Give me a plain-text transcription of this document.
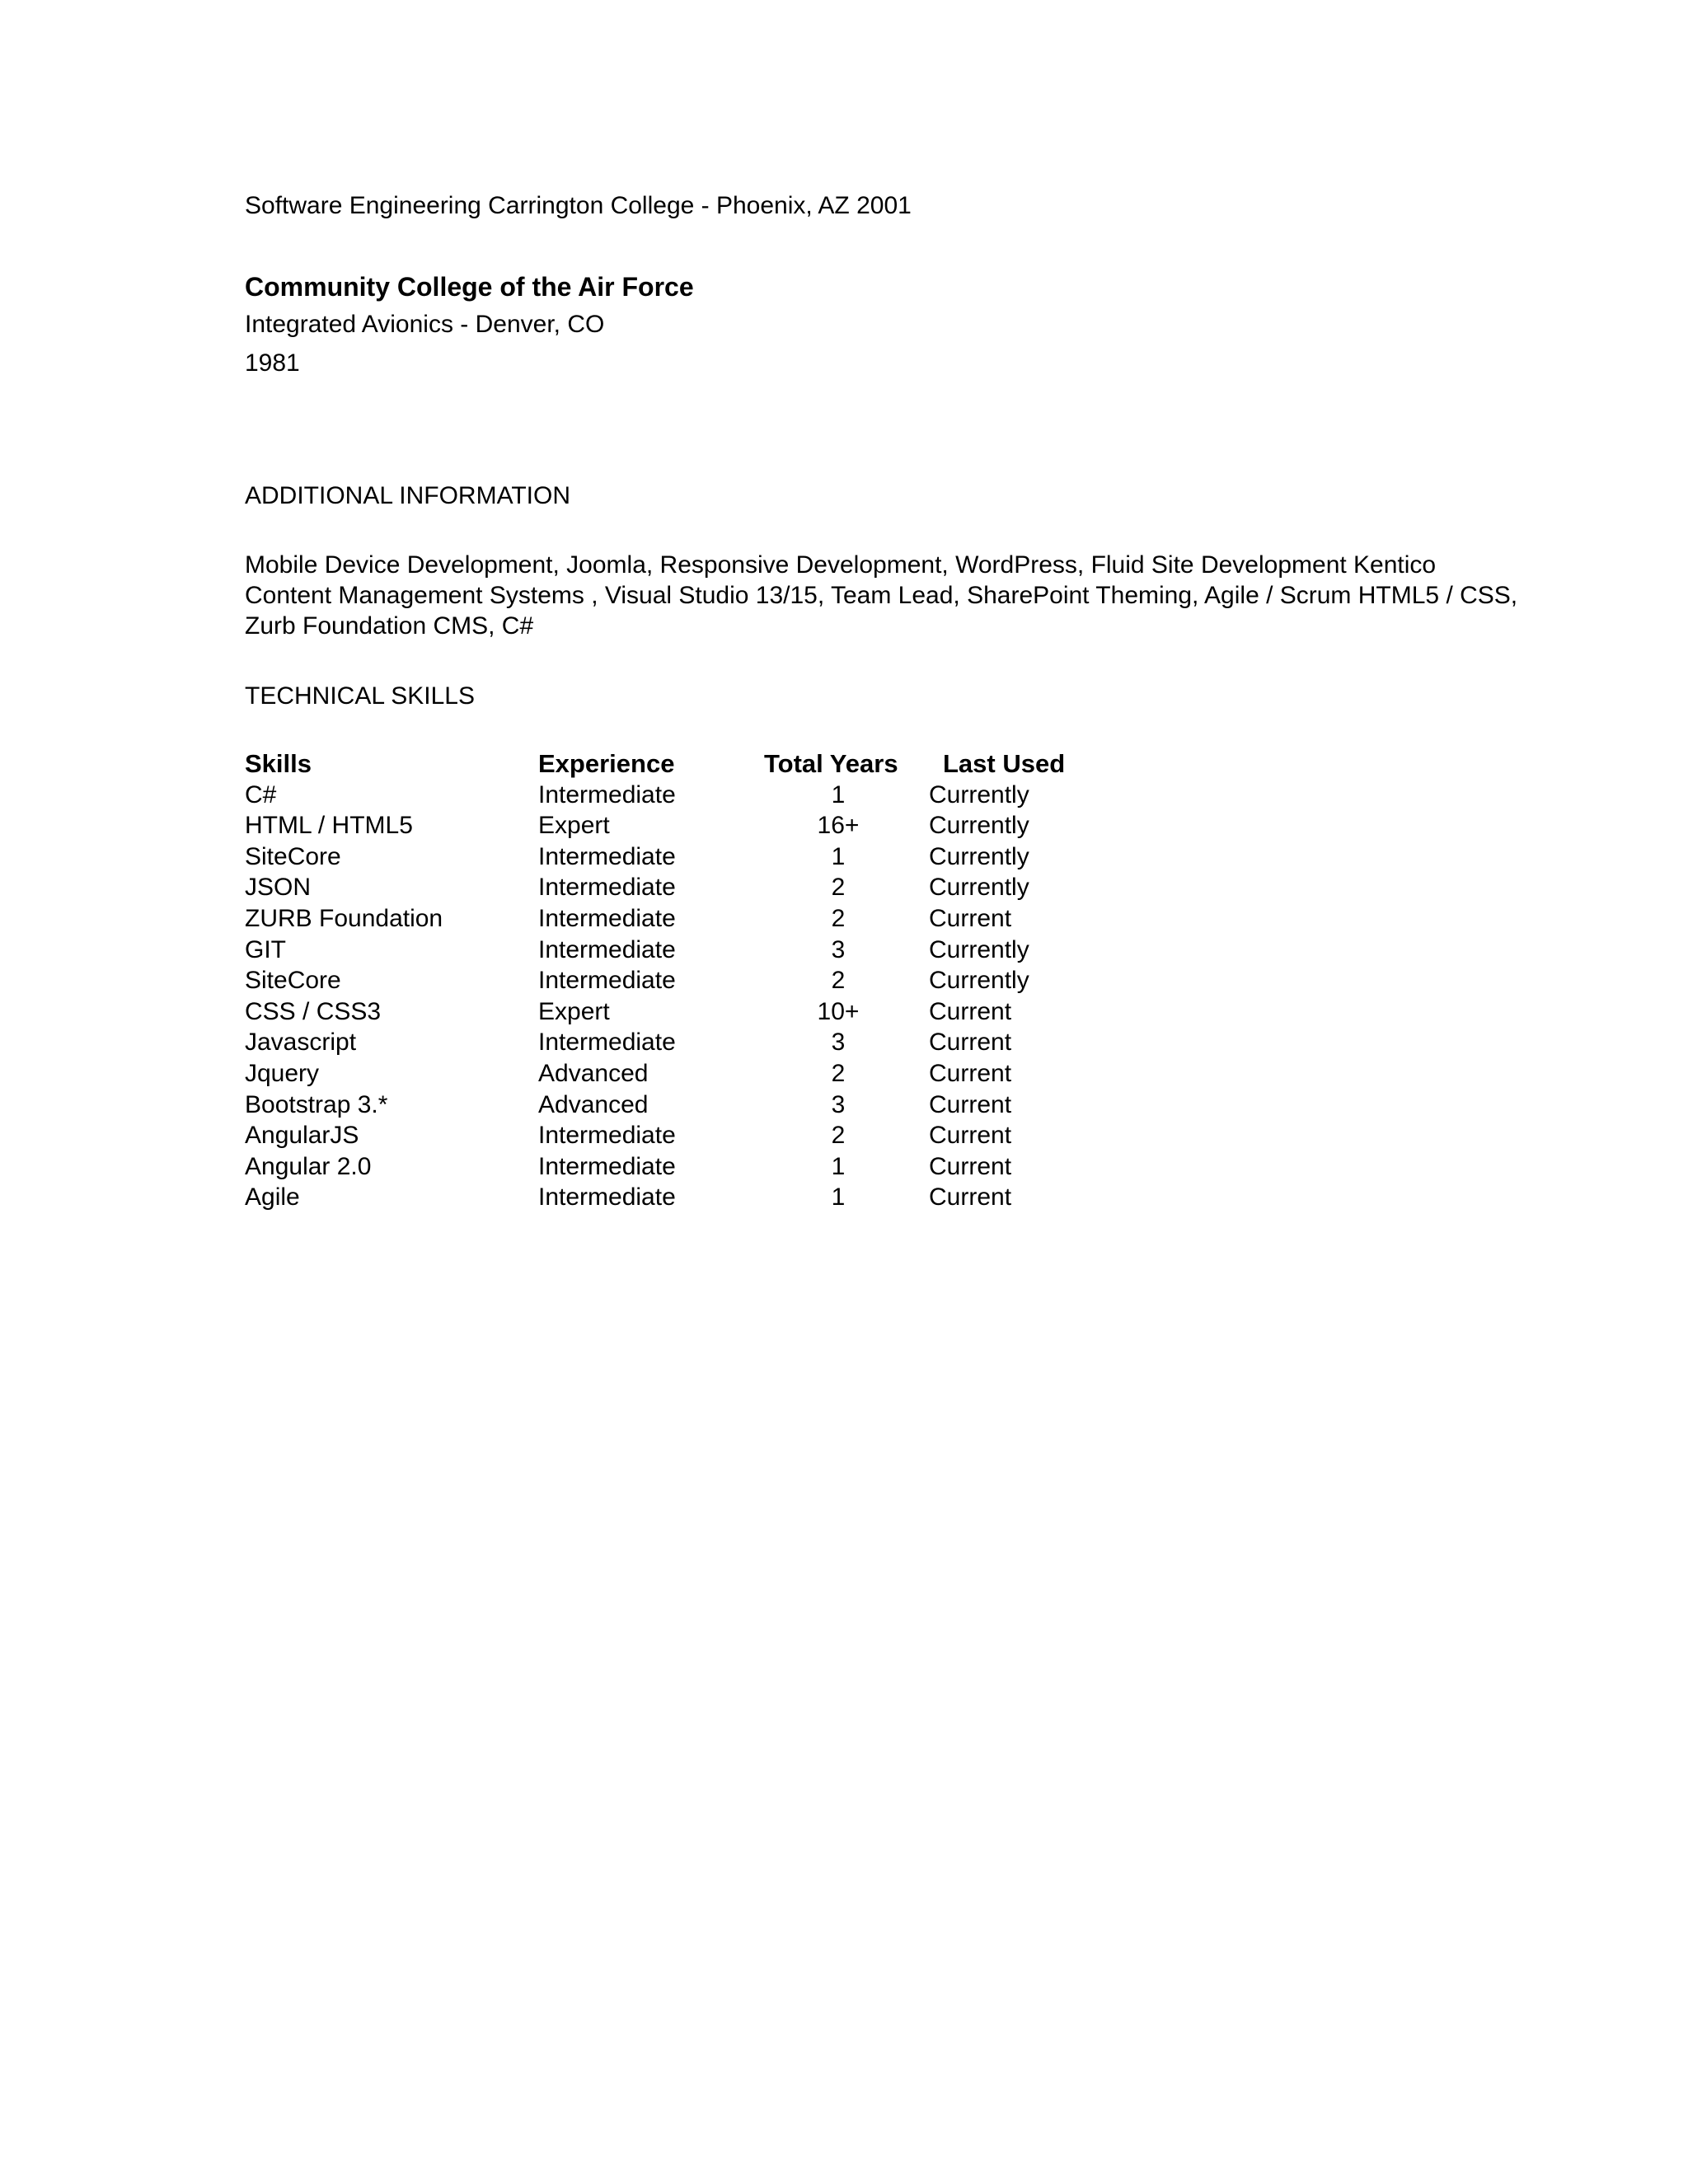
Software Engineering Carrington College - Phoenix, AZ 2001
Community College of the Air Force
Integrated Avionics - Denver, CO
1981
ADDITIONAL INFORMATION
Mobile Device Development, Joomla, Responsive Development, WordPress, Fluid Site Development Kentico
Content Management Systems , Visual Studio 13/15, Team Lead, SharePoint Theming, Agile / Scrum HTML5 / CSS,
Zurb Foundation CMS, C#
TECHNICAL SKILLS
Skills	Experience	Total Years	Last Used
C#	Intermediate	1	Currently
HTML / HTML5	Expert	16+	Currently
SiteCore	Intermediate	1	Currently
JSON	Intermediate	2	Currently
ZURB Foundation	Intermediate	2	Current
GIT	Intermediate	3	Currently
SiteCore	Intermediate	2	Currently
CSS / CSS3	Expert	10+	Current
Javascript	Intermediate	3	Current
Jquery	Advanced	2	Current
Bootstrap 3.*	Advanced	3	Current
AngularJS	Intermediate	2	Current
Angular 2.0	Intermediate	1	Current
Agile	Intermediate	1	Current
